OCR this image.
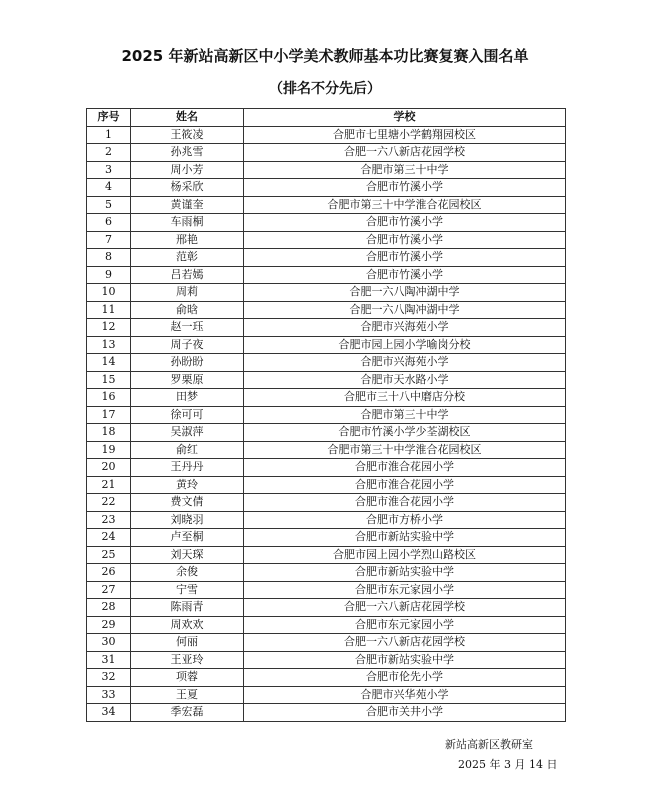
2025 年新站高新区中小学美术教师基本功比赛复赛入围名单
（排名不分先后）
序号	姓名	学校
1	王筱凌	合肥市七里塘小学鹤翔园校区
2	孙兆雪	合肥一六八新店花园学校
3	周小芳	合肥市第三十中学
4	杨采欣	合肥市竹溪小学
5	黄谨奎	合肥市第三十中学淮合花园校区
6	车雨桐	合肥市竹溪小学
7	邢艳	合肥市竹溪小学
8	范彰	合肥市竹溪小学
9	吕若嫣	合肥市竹溪小学
10	周莉	合肥一六八陶冲湖中学
11	俞晗	合肥一六八陶冲湖中学
12	赵一珏	合肥市兴海苑小学
13	周子夜	合肥市园上园小学喻岗分校
14	孙盼盼	合肥市兴海苑小学
15	罗栗原	合肥市天水路小学
16	田梦	合肥市三十八中磨店分校
17	徐可可	合肥市第三十中学
18	吴淑萍	合肥市竹溪小学少荃湖校区
19	俞红	合肥市第三十中学淮合花园校区
20	王丹丹	合肥市淮合花园小学
21	黄玲	合肥市淮合花园小学
22	费文倩	合肥市淮合花园小学
23	刘晓羽	合肥市方桥小学
24	卢至桐	合肥市新站实验中学
25	刘天琛	合肥市园上园小学烈山路校区
26	余俊	合肥市新站实验中学
27	宁雪	合肥市东元家园小学
28	陈雨青	合肥一六八新店花园学校
29	周欢欢	合肥市东元家园小学
30	何丽	合肥一六八新店花园学校
31	王亚玲	合肥市新站实验中学
32	项蓉	合肥市伦先小学
33	王夏	合肥市兴华苑小学
34	季宏磊	合肥市关井小学
新站高新区教研室
2025 年 3 月 14 日
